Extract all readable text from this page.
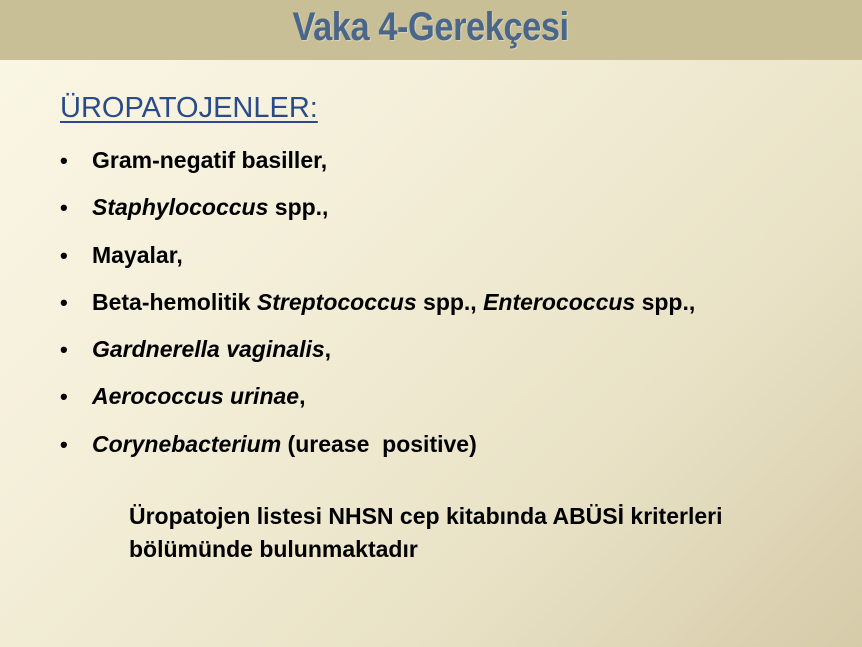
Vaka 4-Gerekçesi
ÜROPATOJENLER:
•	Gram-negatif basiller,
•	Staphylococcus spp.,
•	Mayalar,
•	Beta-hemolitik Streptococcus spp., Enterococcus spp.,
•	Gardnerella vaginalis,
•	Aerococcus urinae,
•	Corynebacterium (urease  positive)
Üropatojen listesi NHSN cep kitabında ABÜSİ kriterleri
bölümünde bulunmaktadır
